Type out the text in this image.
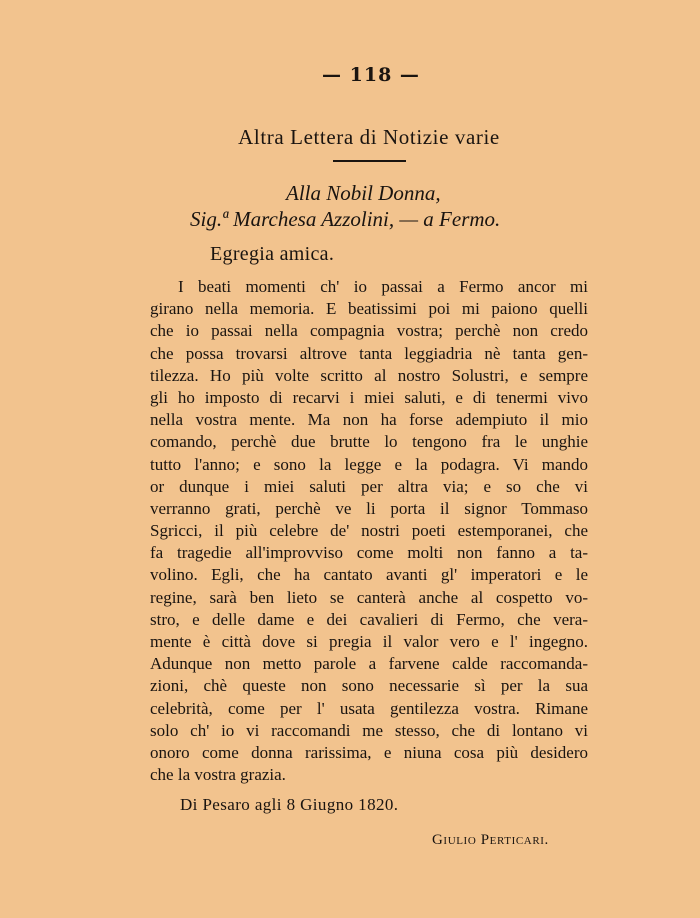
— 118 —
Altra Lettera di Notizie varie
Alla Nobil Donna,
Sig.ª Marchesa Azzolini, — a Fermo.
Egregia amica.
I beati momenti ch' io passai a Fermo ancor mi
girano nella memoria. E beatissimi poi mi paiono quelli
che io passai nella compagnia vostra; perchè non credo
che possa trovarsi altrove tanta leggiadria nè tanta gen-
tilezza. Ho più volte scritto al nostro Solustri, e sempre
gli ho imposto di recarvi i miei saluti, e di tenermi vivo
nella vostra mente. Ma non ha forse adempiuto il mio
comando, perchè due brutte lo tengono fra le unghie
tutto l'anno; e sono la legge e la podagra. Vi mando
or dunque i miei saluti per altra via; e so che vi
verranno grati, perchè ve li porta il signor Tommaso
Sgricci, il più celebre de' nostri poeti estemporanei, che
fa tragedie all'improvviso come molti non fanno a ta-
volino. Egli, che ha cantato avanti gl' imperatori e le
regine, sarà ben lieto se canterà anche al cospetto vo-
stro, e delle dame e dei cavalieri di Fermo, che vera-
mente è città dove si pregia il valor vero e l' ingegno.
Adunque non metto parole a farvene calde raccomanda-
zioni, chè queste non sono necessarie sì per la sua
celebrità, come per l' usata gentilezza vostra. Rimane
solo ch' io vi raccomandi me stesso, che di lontano vi
onoro come donna rarissima, e niuna cosa più desidero
che la vostra grazia.
Di Pesaro agli 8 Giugno 1820.
Giulio Perticari.
